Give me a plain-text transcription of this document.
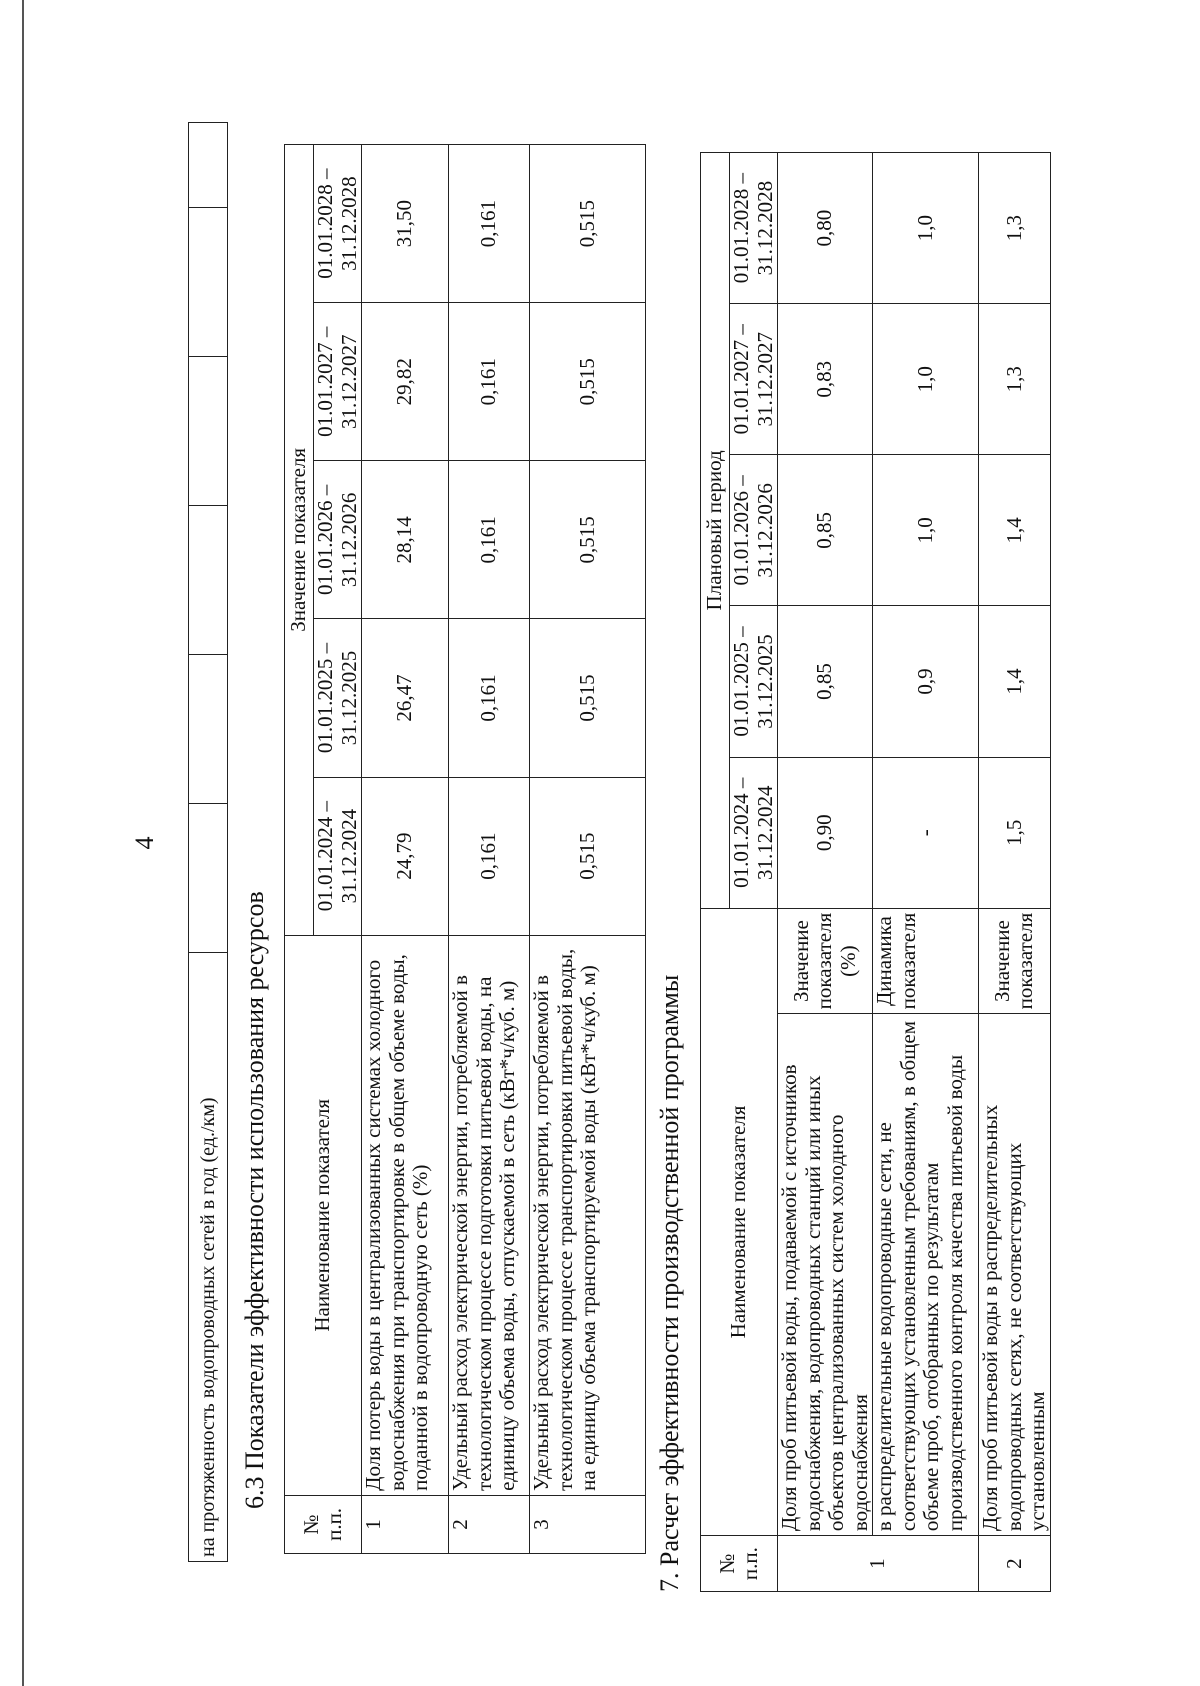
4
на протяженность водопроводных сетей в год (ед./км)						6.3 Показатели эффективности использования ресурсов
№ п.п.	Наименование показателя	Значение показателя				
		01.01.2024 – 31.12.2024	01.01.2025 – 31.12.2025	01.01.2026 – 31.12.2026	01.01.2027 – 31.12.2027	01.01.2028 – 31.12.2028
1	Доля потерь воды в централизованных системах холодного водоснабжения при транспортировке в общем объеме воды, поданной в водопроводную сеть (%)	24,79	26,47	28,14	29,82	31,50
2	Удельный расход электрической энергии, потребляемой в технологическом процессе подготовки питьевой воды, на единицу объема воды, отпускаемой в сеть (кВт*ч/куб. м)	0,161	0,161	0,161	0,161	0,161
3	Удельный расход электрической энергии, потребляемой в технологическом процессе транспортировки питьевой воды, на единицу объема транспортируемой воды (кВт*ч/куб. м)	0,515	0,515	0,515	0,515	0,515
7. Расчет эффективности производственной программы № п.п.	Наименование показателя		Плановый период				
			01.01.2024 – 31.12.2024	01.01.2025 – 31.12.2025	01.01.2026 – 31.12.2026	01.01.2027 – 31.12.2027	01.01.2028 – 31.12.2028
1	Доля проб питьевой воды, подаваемой с источников водоснабжения, водопроводных станций или иных объектов централизованных систем холодного водоснабжения	Значение показателя (%)	0,90	0,85	0,85	0,83	0,80
	в распределительные водопроводные сети, не соответствующих установленным требованиям, в общем объеме проб, отобранных по результатам производственного контроля качества питьевой воды	Динамика показателя	-	0,9	1,0	1,0	1,0
2	Доля проб питьевой воды в распределительных водопроводных сетях, не соответствующих установленным	Значение показателя	1,5	1,4	1,4	1,3	1,3
